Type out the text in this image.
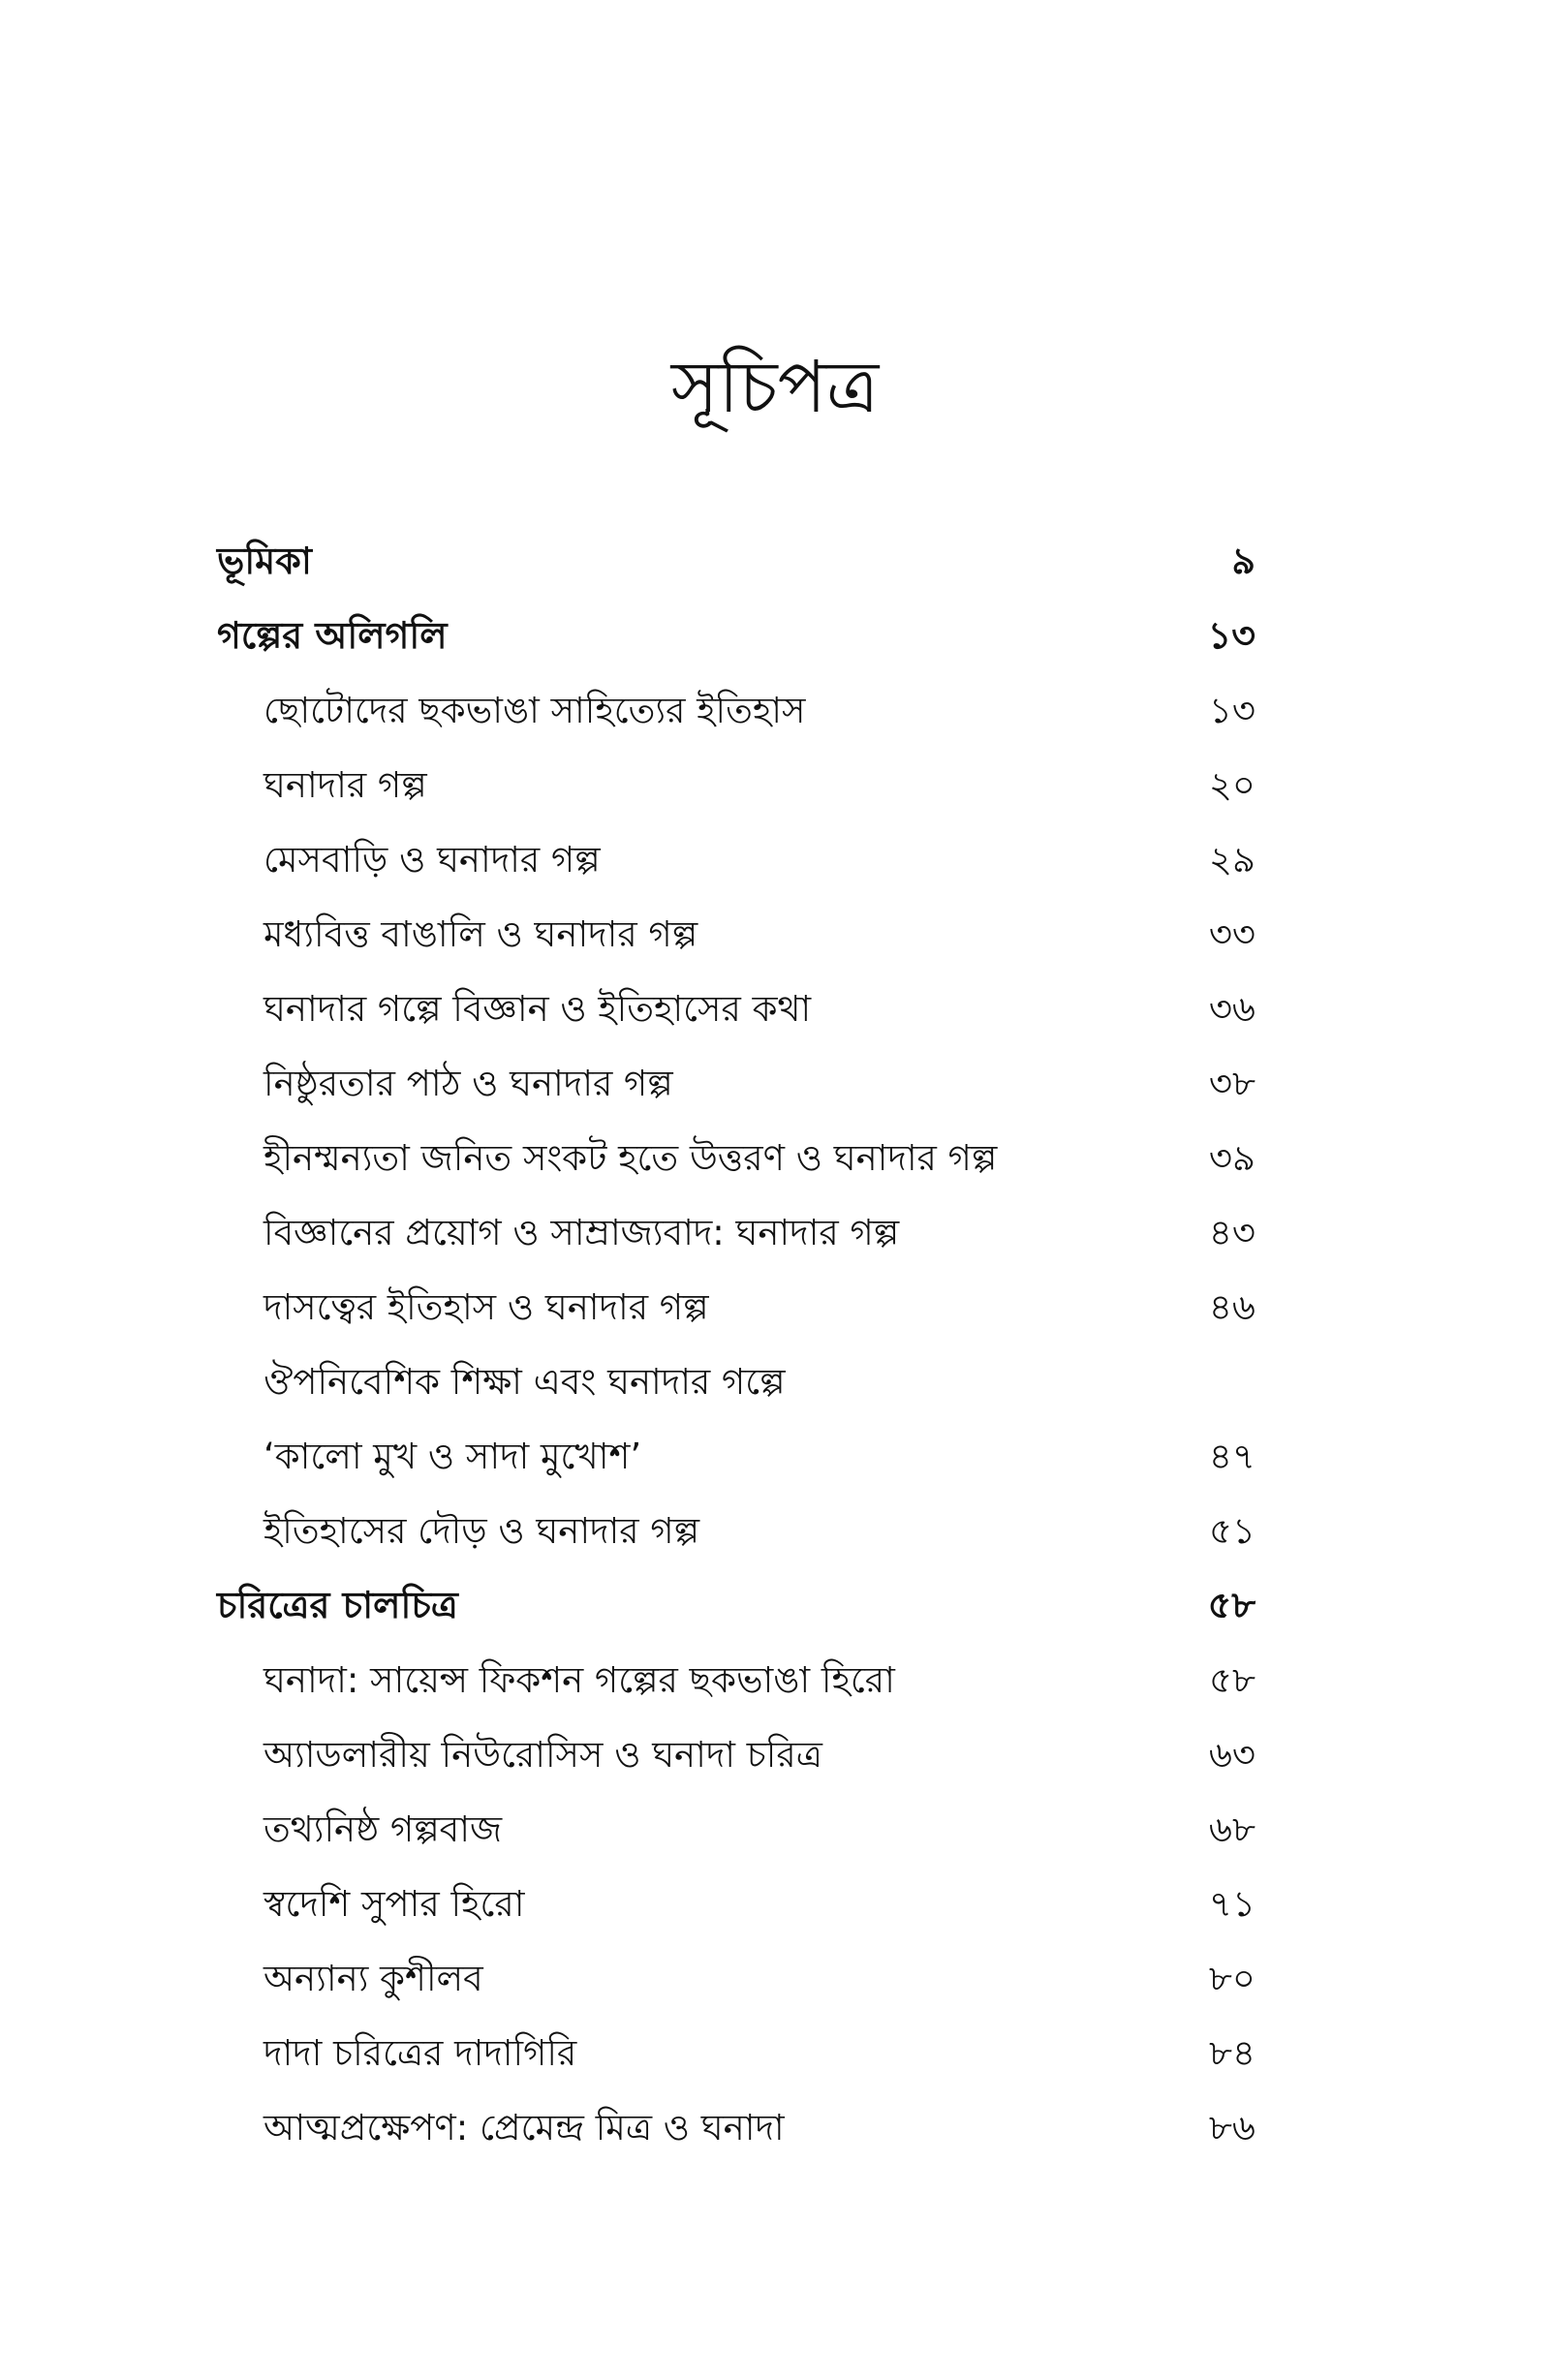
সূচিপত্র
ভূমিকা	৯
গল্পের অলিগলি	১৩
ছোটোদের ছকভাঙা সাহিত্যের ইতিহাস	১৩
ঘনাদার গল্প	২০
মেসবাড়ি ও ঘনাদার গল্প	২৯
মধ্যবিত্ত বাঙালি ও ঘনাদার গল্প	৩৩
ঘনাদার গল্পে বিজ্ঞান ও ইতিহাসের কথা	৩৬
নিষ্ঠুরতার পাঠ ও ঘনাদার গল্প	৩৮
হীনম্মন্যতা জনিত সংকট হতে উত্তরণ ও ঘনাদার গল্প	৩৯
বিজ্ঞানের প্রয়োগ ও সাম্রাজ্যবাদ: ঘনাদার গল্প	৪৩
দাসত্বের ইতিহাস ও ঘনাদার গল্প	৪৬
ঔপনিবেশিক শিক্ষা এবং ঘনাদার গল্পে
‘কালো মুখ ও সাদা মুখোশ’	৪৭
ইতিহাসের দৌড় ও ঘনাদার গল্প	৫১
চরিত্রের চালচিত্র	৫৮
ঘনাদা: সায়েন্স ফিকশন গল্পের ছকভাঙা হিরো	৫৮
অ্যাডলারীয় নিউরোসিস ও ঘনাদা চরিত্র	৬৩
তথ্যনিষ্ঠ গল্পবাজ	৬৮
স্বদেশি সুপার হিরো	৭১
অন্যান্য কুশীলব	৮০
দাদা চরিত্রের দাদাগিরি	৮৪
আত্মপ্রক্ষেপণ: প্রেমেন্দ্র মিত্র ও ঘনাদা	৮৬
